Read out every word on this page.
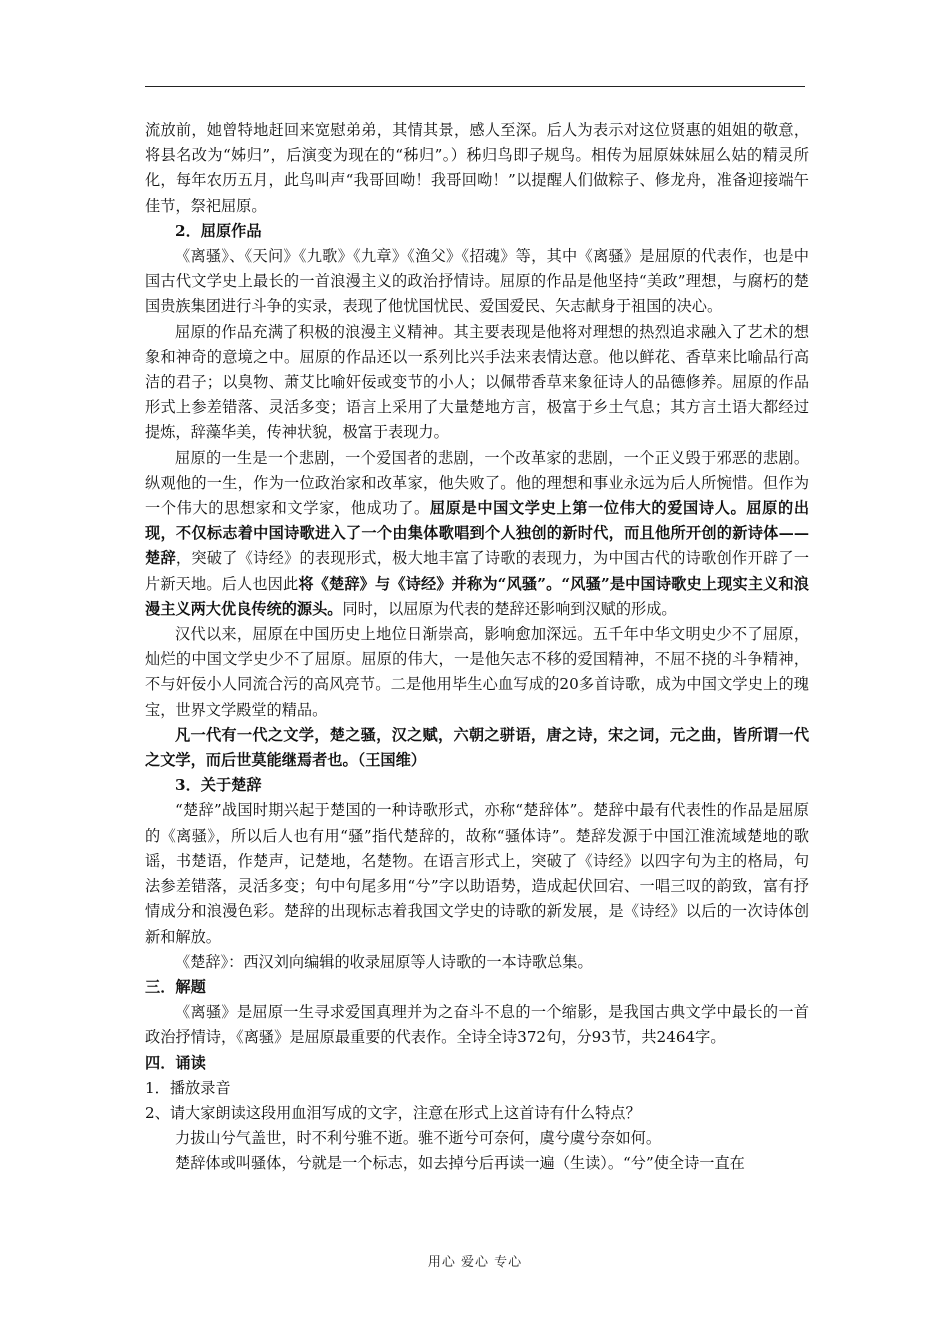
流放前，她曾特地赶回来宽慰弟弟，其情其景，感人至深。后人为表示对这位贤惠的姐姐的敬意，将县名改为“姊归”，后演变为现在的“秭归”。）秭归鸟即子规鸟。相传为屈原妹妹屈么姑的精灵所化，每年农历五月，此鸟叫声“我哥回呦！我哥回呦！”以提醒人们做粽子、修龙舟，准备迎接端午佳节，祭祀屈原。

2．屈原作品

《离骚》、《天问》《九歌》《九章》《渔父》《招魂》等，其中《离骚》是屈原的代表作，也是中国古代文学史上最长的一首浪漫主义的政治抒情诗。屈原的作品是他坚持“美政”理想，与腐朽的楚国贵族集团进行斗争的实录，表现了他忧国忧民、爱国爱民、矢志献身于祖国的决心。

屈原的作品充满了积极的浪漫主义精神。其主要表现是他将对理想的热烈追求融入了艺术的想象和神奇的意境之中。屈原的作品还以一系列比兴手法来表情达意。他以鲜花、香草来比喻品行高洁的君子；以臭物、萧艾比喻奸佞或变节的小人；以佩带香草来象征诗人的品德修养。屈原的作品形式上参差错落、灵活多变；语言上采用了大量楚地方言，极富于乡土气息；其方言土语大都经过提炼，辞藻华美，传神状貌，极富于表现力。

屈原的一生是一个悲剧，一个爱国者的悲剧，一个改革家的悲剧，一个正义毁于邪恶的悲剧。纵观他的一生，作为一位政治家和改革家，他失败了。他的理想和事业永远为后人所惋惜。但作为一个伟大的思想家和文学家，他成功了。屈原是中国文学史上第一位伟大的爱国诗人。屈原的出现，不仅标志着中国诗歌进入了一个由集体歌唱到个人独创的新时代，而且他所开创的新诗体——楚辞，突破了《诗经》的表现形式，极大地丰富了诗歌的表现力，为中国古代的诗歌创作开辟了一片新天地。后人也因此将《楚辞》与《诗经》并称为“风骚”。“风骚”是中国诗歌史上现实主义和浪漫主义两大优良传统的源头。同时，以屈原为代表的楚辞还影响到汉赋的形成。

汉代以来，屈原在中国历史上地位日渐崇高，影响愈加深远。五千年中华文明史少不了屈原，灿烂的中国文学史少不了屈原。屈原的伟大，一是他矢志不移的爱国精神，不屈不挠的斗争精神，不与奸佞小人同流合污的高风亮节。二是他用毕生心血写成的20多首诗歌，成为中国文学史上的瑰宝，世界文学殿堂的精品。

凡一代有一代之文学，楚之骚，汉之赋，六朝之骈语，唐之诗，宋之词，元之曲，皆所谓一代之文学，而后世莫能继焉者也。（王国维）

3．关于楚辞

“楚辞”战国时期兴起于楚国的一种诗歌形式，亦称“楚辞体”。楚辞中最有代表性的作品是屈原的《离骚》，所以后人也有用“骚”指代楚辞的，故称“骚体诗”。楚辞发源于中国江淮流域楚地的歌谣，书楚语，作楚声，记楚地，名楚物。在语言形式上，突破了《诗经》以四字句为主的格局，句法参差错落，灵活多变；句中句尾多用“兮”字以助语势，造成起伏回宕、一唱三叹的韵致，富有抒情成分和浪漫色彩。楚辞的出现标志着我国文学史的诗歌的新发展，是《诗经》以后的一次诗体创新和解放。

《楚辞》：西汉刘向编辑的收录屈原等人诗歌的一本诗歌总集。

三．解题

《离骚》是屈原一生寻求爱国真理并为之奋斗不息的一个缩影，是我国古典文学中最长的一首政治抒情诗，《离骚》是屈原最重要的代表作。全诗全诗372句，分93节，共2464字。

四．诵读

1．播放录音

2、请大家朗读这段用血泪写成的文字，注意在形式上这首诗有什么特点？

力拔山兮气盖世，时不利兮骓不逝。骓不逝兮可奈何，虞兮虞兮奈如何。

楚辞体或叫骚体，兮就是一个标志，如去掉兮后再读一遍（生读）。“兮”使全诗一直在

用心 爱心 专心
